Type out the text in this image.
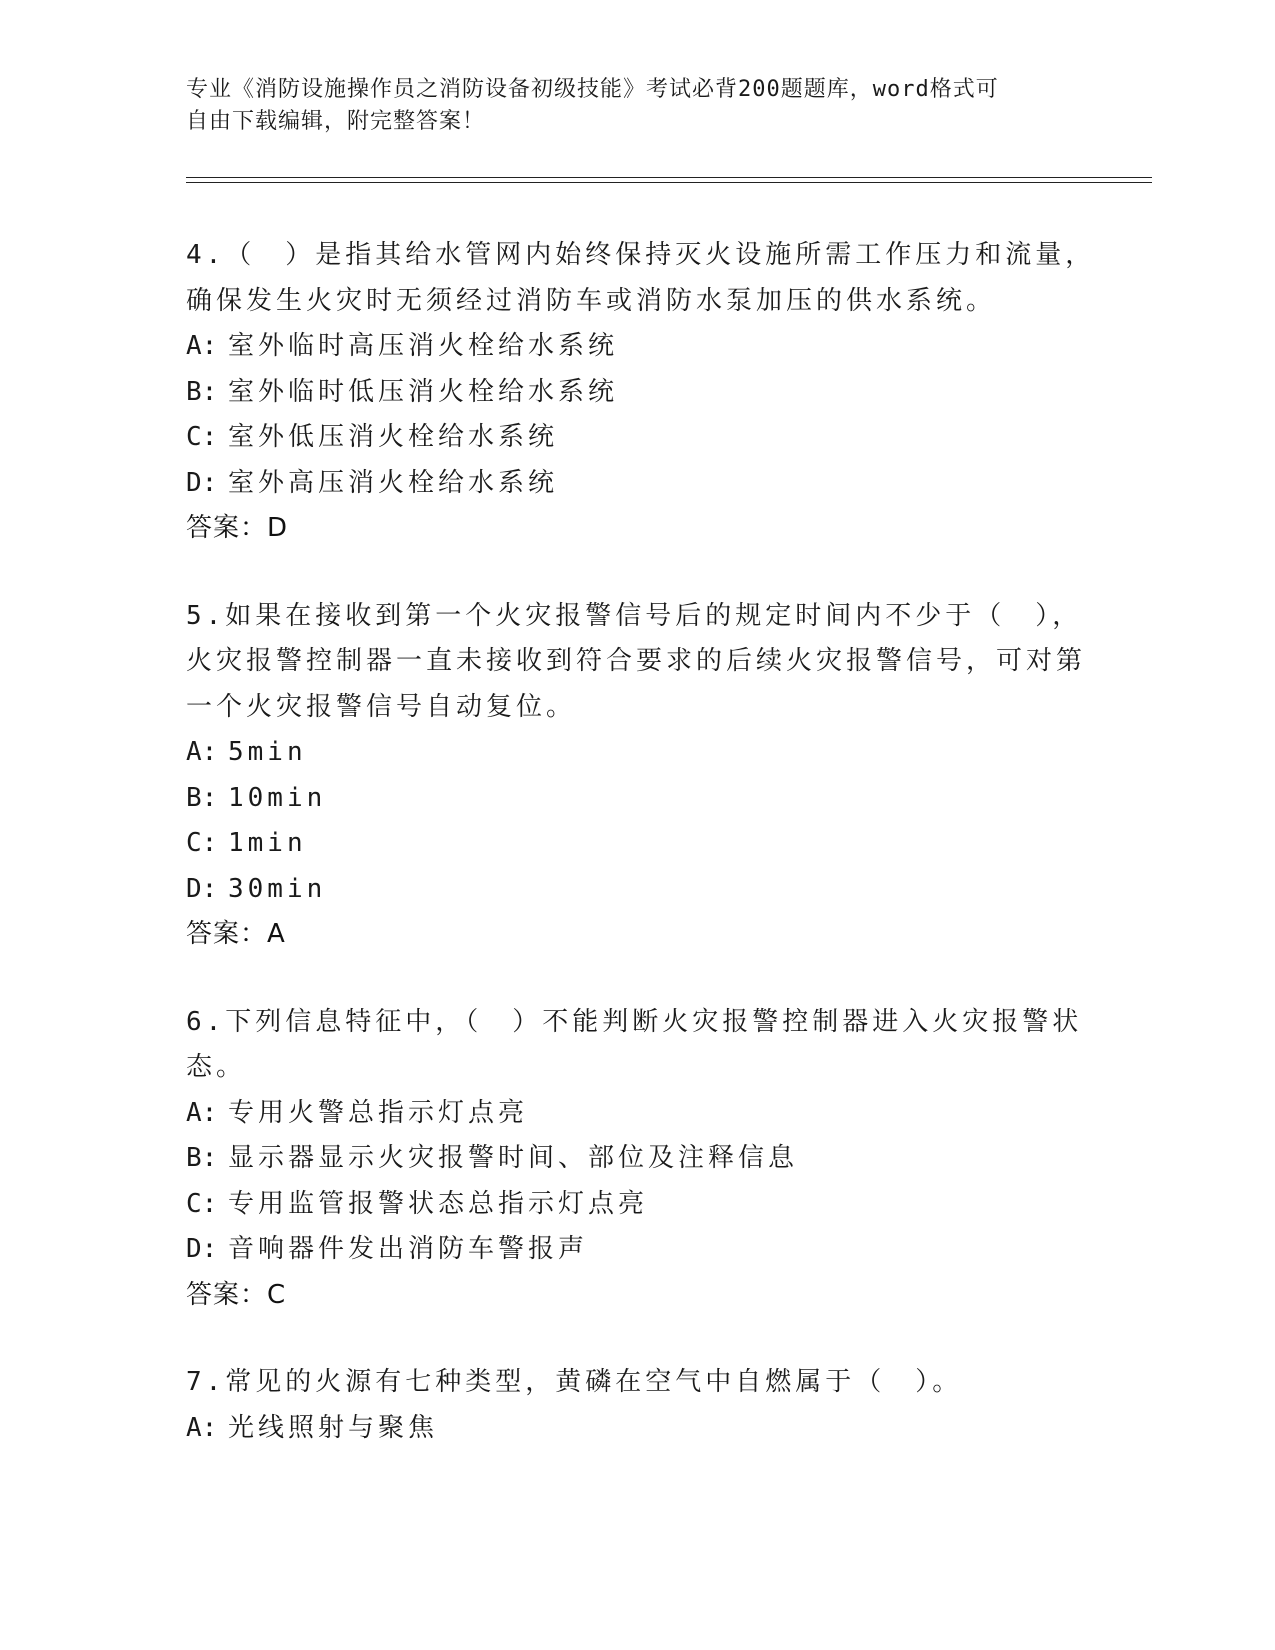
专业《消防设施操作员之消防设备初级技能》考试必背200题题库，word格式可
自由下载编辑，附完整答案！
4.（　）是指其给水管网内始终保持灭火设施所需工作压力和流量，
确保发生火灾时无须经过消防车或消防水泵加压的供水系统。
A: 室外临时高压消火栓给水系统
B: 室外临时低压消火栓给水系统
C: 室外低压消火栓给水系统
D: 室外高压消火栓给水系统
答案：D
5.如果在接收到第一个火灾报警信号后的规定时间内不少于（　），
火灾报警控制器一直未接收到符合要求的后续火灾报警信号，可对第
一个火灾报警信号自动复位。
A: 5min
B: 10min
C: 1min
D: 30min
答案：A
6.下列信息特征中，（　）不能判断火灾报警控制器进入火灾报警状
态。
A: 专用火警总指示灯点亮
B: 显示器显示火灾报警时间、部位及注释信息
C: 专用监管报警状态总指示灯点亮
D: 音响器件发出消防车警报声
答案：C
7.常见的火源有七种类型，黄磷在空气中自燃属于（　）。
A: 光线照射与聚焦
